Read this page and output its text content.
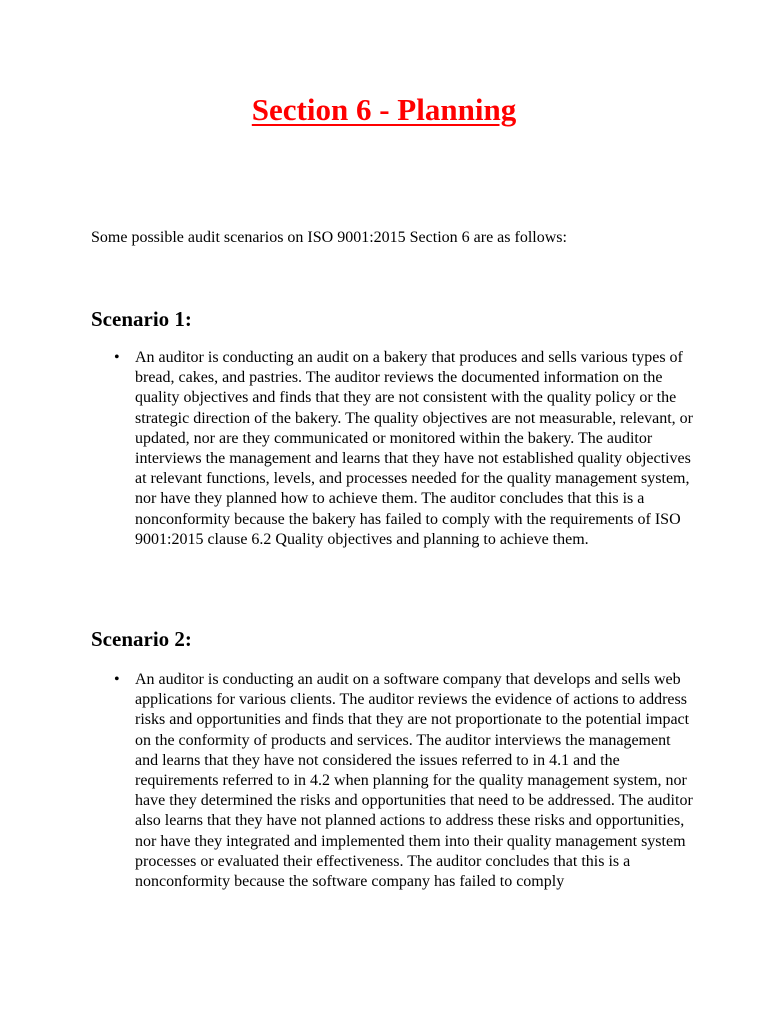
Section 6 - Planning

Some possible audit scenarios on ISO 9001:2015 Section 6 are as follows:

Scenario 1:
• An auditor is conducting an audit on a bakery that produces and sells various types of bread, cakes, and pastries. The auditor reviews the documented information on the quality objectives and finds that they are not consistent with the quality policy or the strategic direction of the bakery. The quality objectives are not measurable, relevant, or updated, nor are they communicated or monitored within the bakery. The auditor interviews the management and learns that they have not established quality objectives at relevant functions, levels, and processes needed for the quality management system, nor have they planned how to achieve them. The auditor concludes that this is a nonconformity because the bakery has failed to comply with the requirements of ISO 9001:2015 clause 6.2 Quality objectives and planning to achieve them.
Scenario 2:
• An auditor is conducting an audit on a software company that develops and sells web applications for various clients. The auditor reviews the evidence of actions to address risks and opportunities and finds that they are not proportionate to the potential impact on the conformity of products and services. The auditor interviews the management and learns that they have not considered the issues referred to in 4.1 and the requirements referred to in 4.2 when planning for the quality management system, nor have they determined the risks and opportunities that need to be addressed. The auditor also learns that they have not planned actions to address these risks and opportunities, nor have they integrated and implemented them into their quality management system processes or evaluated their effectiveness. The auditor concludes that this is a nonconformity because the software company has failed to comply
